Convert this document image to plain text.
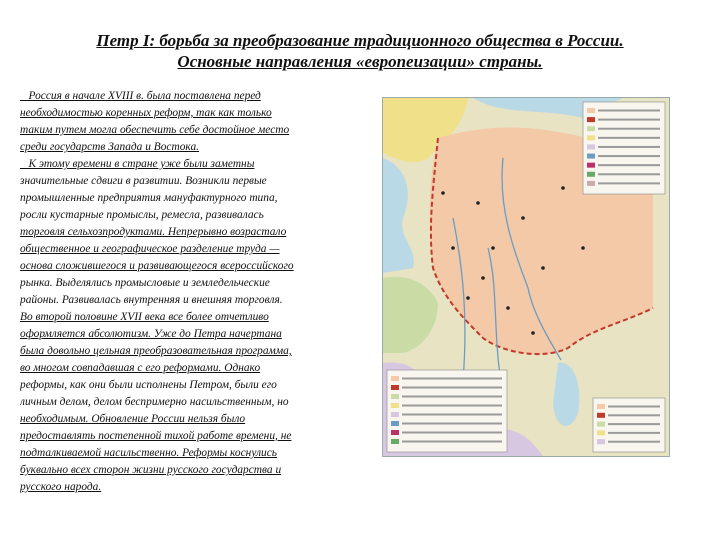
Петр I: борьба за преобразование традиционного общества в России.
Основные направления «европеизации» страны.
Россия в начале XVIII в. была поставлена перед
необходимостью коренных реформ, так как только
таким путем могла обеспечить себе достойное место
среди государств Запада и Востока.
К этому времени в стране уже были заметны
значительные сдвиги в развитии. Возникли первые
промышленные предприятия мануфактурного типа,
росли кустарные промыслы, ремесла, развивалась
торговля сельхозпродуктами. Непрерывно возрастало
общественное и географическое разделение труда —
основа сложившегося и развивающегося всероссийского
рынка. Выделялись промысловые и земледельческие
районы. Развивалась внутренняя и внешняя торговля.
Во второй половине XVII века все более отчетливо
оформляется абсолютизм. Уже до Петра начертана
была довольно цельная преобразовательная программа,
во многом совпадавшая с его реформами. Однако
реформы, как они были исполнены Петром, были его
личным делом, делом беспримерно насильственным, но
необходимым. Обновление России нельзя было
предоставлять постепенной тихой работе времени, не
подталкиваемой насильственно. Реформы коснулись
буквально всех сторон жизни русского государства и
русского народа.
